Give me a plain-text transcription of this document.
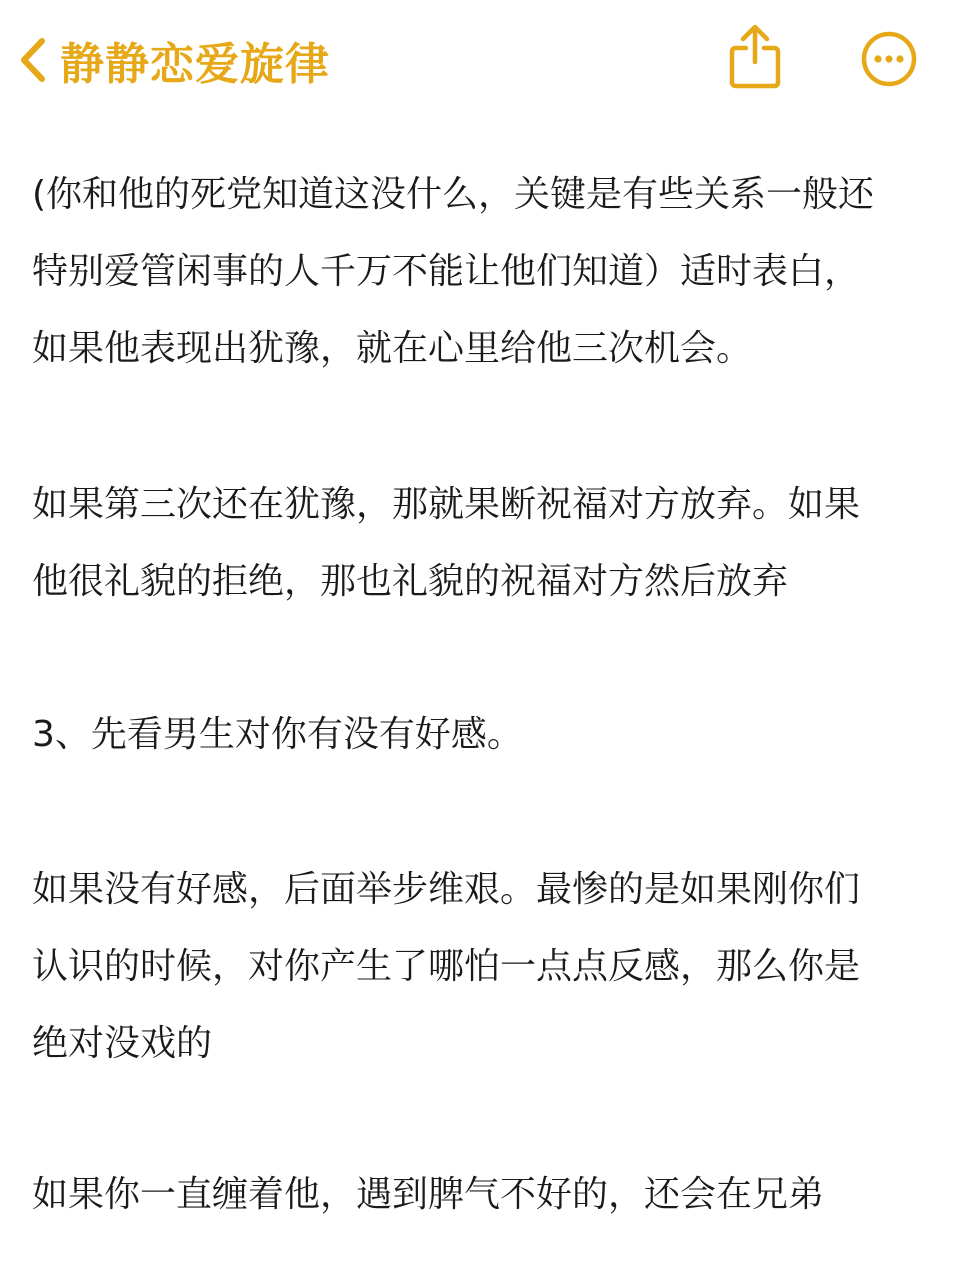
静静恋爱旋律

(你和他的死党知道这没什么，关键是有些关系一般还
特别爱管闲事的人千万不能让他们知道）适时表白，
如果他表现出犹豫，就在心里给他三次机会。

如果第三次还在犹豫，那就果断祝福对方放弃。如果
他很礼貌的拒绝，那也礼貌的祝福对方然后放弃

3、先看男生对你有没有好感。

如果没有好感，后面举步维艰。最惨的是如果刚你们
认识的时候，对你产生了哪怕一点点反感，那么你是
绝对没戏的

如果你一直缠着他，遇到脾气不好的，还会在兄弟
